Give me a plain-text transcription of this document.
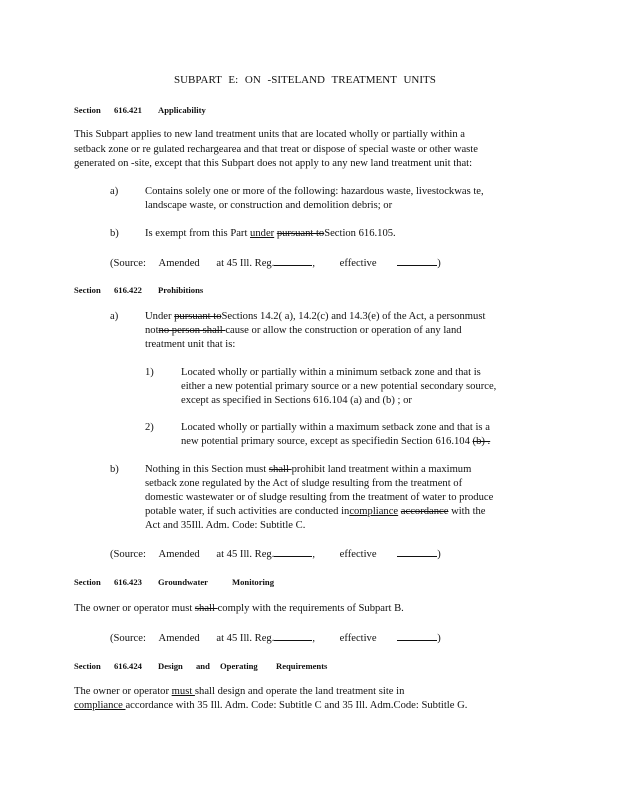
SUBPART E: ON -SITELAND TREATMENT UNITS
Section 616.421 Applicability
This Subpart applies to new land treatment units that are located wholly or partially within a
setback zone or re gulated rechargearea and that treat or dispose of special waste or other waste
generated on -site, except that this Subpart does not apply to any new land treatment unit that:
a)	Contains solely one or more of the following: hazardous waste, livestockwas te,
landscape waste, or construction and demolition debris; or
b) Is exempt from this Part under pursuant toSection 616.105.
(Source: Amended at 45 Ill. Reg.	, effective	)
Section 616.422 Prohibitions
a)	Under pursuant toSections 14.2( a), 14.2(c) and 14.3(e) of the Act, a personmust
notno person shall cause or allow the construction or operation of any land
treatment unit that is:
1)	Located wholly or partially within a minimum setback zone and that is
either a new potential primary source or a new potential secondary source,
except as specified in Sections 616.104 (a) and (b) ; or
2)	Located wholly or partially within a maximum setback zone and that is a
new potential primary source, except as specifiedin Section 616.104 (b) .
b) Nothing in this Section must shall prohibit land treatment within a maximum
setback zone regulated by the Act of sludge resulting from the treatment of
domestic wastewater or of sludge resulting from the treatment of water to produce
potable water, if such activities are conducted incompliance accordance with the
Act and 35Ill. Adm. Code: Subtitle C.
(Source: Amended at 45 Ill. Reg.	, effective	)
Section 616.423 Groundwater	Monitoring
The owner or operator must shall comply with the requirements of Subpart B.
(Source: Amended at 45 Ill. Reg.	, effective	)
Section 616.424 Design and Operating Requirements
The owner or operator must shall design and operate the land treatment site in
compliance accordance with 35 Ill. Adm. Code: Subtitle C and 35 Ill. Adm.Code: Subtitle G.
